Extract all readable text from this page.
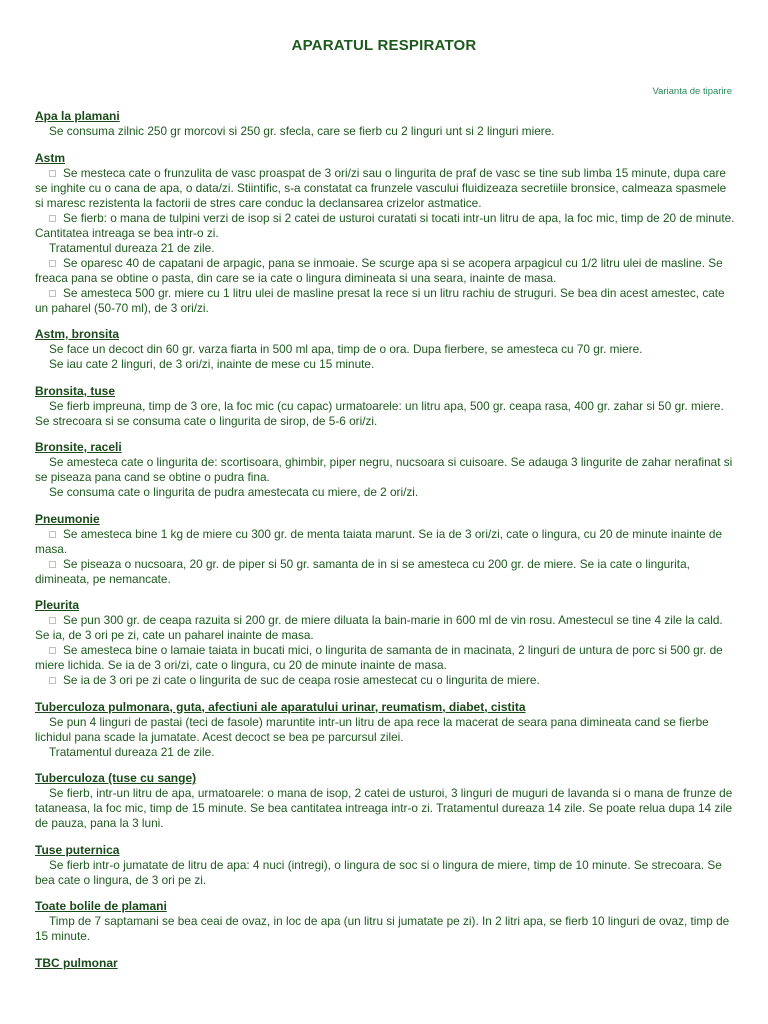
APARATUL RESPIRATOR
Varianta de tiparire
Apa la plamani
Se consuma zilnic 250 gr morcovi si 250 gr. sfecla, care se fierb cu 2 linguri unt si 2 linguri miere.
Astm
Se mesteca cate o frunzulita de vasc proaspat de 3 ori/zi sau o lingurita de praf de vasc se tine sub limba 15 minute, dupa care se inghite cu o cana de apa, o data/zi. Stiintific, s-a constatat ca frunzele vascului fluidizeaza secretiile bronsice, calmeaza spasmele si maresc rezistenta la factorii de stres care conduc la declansarea crizelor astmatice.
Se fierb: o mana de tulpini verzi de isop si 2 catei de usturoi curatati si tocati intr-un litru de apa, la foc mic, timp de 20 de minute. Cantitatea intreaga se bea intr-o zi.
Tratamentul dureaza 21 de zile.
Se oparesc 40 de capatani de arpagic, pana se inmoaie. Se scurge apa si se acopera arpagicul cu 1/2 litru ulei de masline. Se freaca pana se obtine o pasta, din care se ia cate o lingura dimineata si una seara, inainte de masa.
Se amesteca 500 gr. miere cu 1 litru ulei de masline presat la rece si un litru rachiu de struguri. Se bea din acest amestec, cate un paharel (50-70 ml), de 3 ori/zi.
Astm, bronsita
Se face un decoct din 60 gr. varza fiarta in 500 ml apa, timp de o ora. Dupa fierbere, se amesteca cu 70 gr. miere.
Se iau cate 2 linguri, de 3 ori/zi, inainte de mese cu 15 minute.
Bronsita, tuse
Se fierb impreuna, timp de 3 ore, la foc mic (cu capac) urmatoarele: un litru apa, 500 gr. ceapa rasa, 400 gr. zahar si 50 gr. miere. Se strecoara si se consuma cate o lingurita de sirop, de 5-6 ori/zi.
Bronsite, raceli
Se amesteca cate o lingurita de: scortisoara, ghimbir, piper negru, nucsoara si cuisoare. Se adauga 3 lingurite de zahar nerafinat si se piseaza pana cand se obtine o pudra fina.
Se consuma cate o lingurita de pudra amestecata cu miere, de 2 ori/zi.
Pneumonie
Se amesteca bine 1 kg de miere cu 300 gr. de menta taiata marunt. Se ia de 3 ori/zi, cate o lingura, cu 20 de minute inainte de masa.
Se piseaza o nucsoara, 20 gr. de piper si 50 gr. samanta de in si se amesteca cu 200 gr. de miere. Se ia cate o lingurita, dimineata, pe nemancate.
Pleurita
Se pun 300 gr. de ceapa razuita si 200 gr. de miere diluata la bain-marie in 600 ml de vin rosu. Amestecul se tine 4 zile la cald. Se ia, de 3 ori pe zi, cate un paharel inainte de masa.
Se amesteca bine o lamaie taiata in bucati mici, o lingurita de samanta de in macinata, 2 linguri de untura de porc si 500 gr. de miere lichida. Se ia de 3 ori/zi, cate o lingura, cu 20 de minute inainte de masa.
Se ia de 3 ori pe zi cate o lingurita de suc de ceapa rosie amestecat cu o lingurita de miere.
Tuberculoza pulmonara, guta, afectiuni ale aparatului urinar, reumatism, diabet, cistita
Se pun 4 linguri de pastai (teci de fasole) maruntite intr-un litru de apa rece la macerat de seara pana dimineata cand se fierbe lichidul pana scade la jumatate. Acest decoct se bea pe parcursul zilei.
Tratamentul dureaza 21 de zile.
Tuberculoza (tuse cu sange)
Se fierb, intr-un litru de apa, urmatoarele: o mana de isop, 2 catei de usturoi, 3 linguri de muguri de lavanda si o mana de frunze de tataneasa, la foc mic, timp de 15 minute. Se bea cantitatea intreaga intr-o zi. Tratamentul dureaza 14 zile. Se poate relua dupa 14 zile de pauza, pana la 3 luni.
Tuse puternica
Se fierb intr-o jumatate de litru de apa: 4 nuci (intregi), o lingura de soc si o lingura de miere, timp de 10 minute. Se strecoara. Se bea cate o lingura, de 3 ori pe zi.
Toate bolile de plamani
Timp de 7 saptamani se bea ceai de ovaz, in loc de apa (un litru si jumatate pe zi). In 2 litri apa, se fierb 10 linguri de ovaz, timp de 15 minute.
TBC pulmonar
